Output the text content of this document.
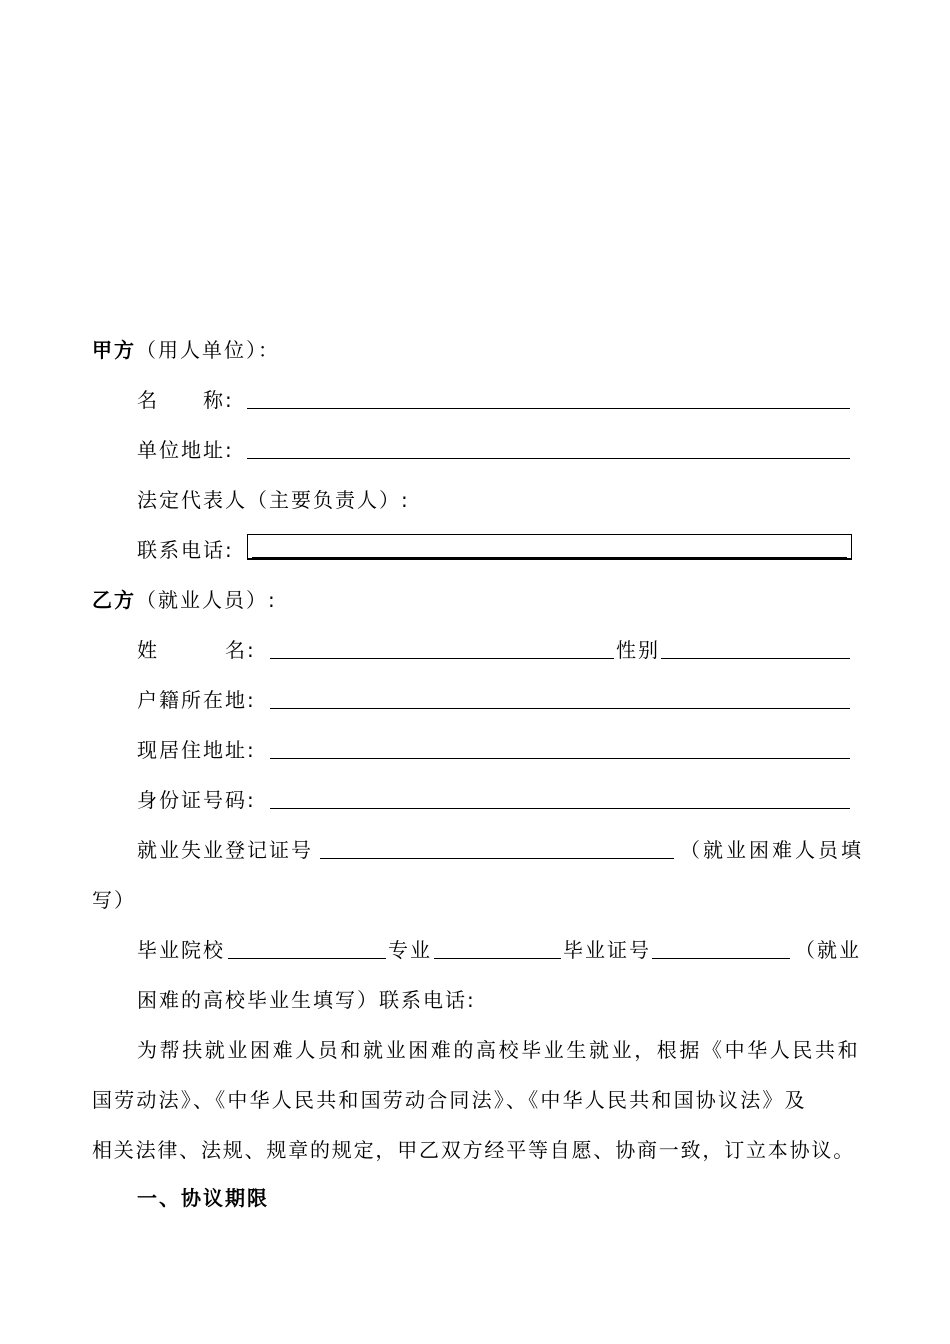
甲方（用人单位）：
名　　称:
单位地址:
法定代表人（主要负责人）:
联系电话:
乙方（就业人员）:
姓　　　名:	性别
户籍所在地:
现居住地址:
身份证号码:
就业失业登记证号	（就业困难人员填
写）
毕业院校	专业	毕业证号	（就业
困难的高校毕业生填写）联系电话:
为帮扶就业困难人员和就业困难的高校毕业生就业，根据《中华人民共和
国劳动法》、《中华人民共和国劳动合同法》、《中华人民共和国协议法》及
相关法律、法规、规章的规定，甲乙双方经平等自愿、协商一致，订立本协议。
一、协议期限
